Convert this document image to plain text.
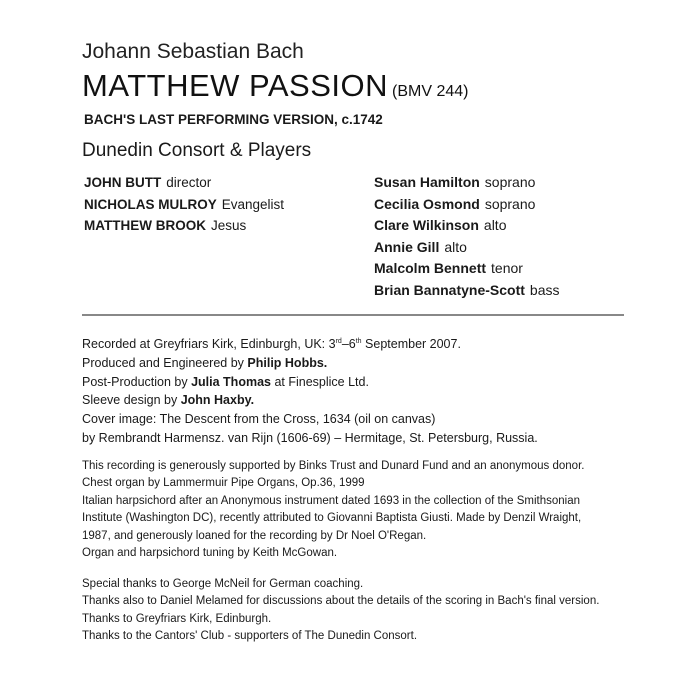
Johann Sebastian Bach
MATTHEW PASSION (BMV 244)
BACH'S LAST PERFORMING VERSION, c.1742
Dunedin Consort & Players
JOHN BUTT director
NICHOLAS MULROY Evangelist
MATTHEW BROOK Jesus
Susan Hamilton soprano
Cecilia Osmond soprano
Clare Wilkinson alto
Annie Gill alto
Malcolm Bennett tenor
Brian Bannatyne-Scott bass
Recorded at Greyfriars Kirk, Edinburgh, UK: 3rd–6th September 2007.
Produced and Engineered by Philip Hobbs.
Post-Production by Julia Thomas at Finesplice Ltd.
Sleeve design by John Haxby.
Cover image: The Descent from the Cross, 1634 (oil on canvas)
by Rembrandt Harmensz. van Rijn (1606-69) – Hermitage, St. Petersburg, Russia.
This recording is generously supported by Binks Trust and Dunard Fund and an anonymous donor.
Chest organ by Lammermuir Pipe Organs, Op.36, 1999
Italian harpsichord after an Anonymous instrument dated 1693 in the collection of the Smithsonian
Institute (Washington DC), recently attributed to Giovanni Baptista Giusti. Made by Denzil Wraight,
1987, and generously loaned for the recording by Dr Noel O'Regan.
Organ and harpsichord tuning by Keith McGowan.
Special thanks to George McNeil for German coaching.
Thanks also to Daniel Melamed for discussions about the details of the scoring in Bach's final version.
Thanks to Greyfriars Kirk, Edinburgh.
Thanks to the Cantors' Club - supporters of The Dunedin Consort.
